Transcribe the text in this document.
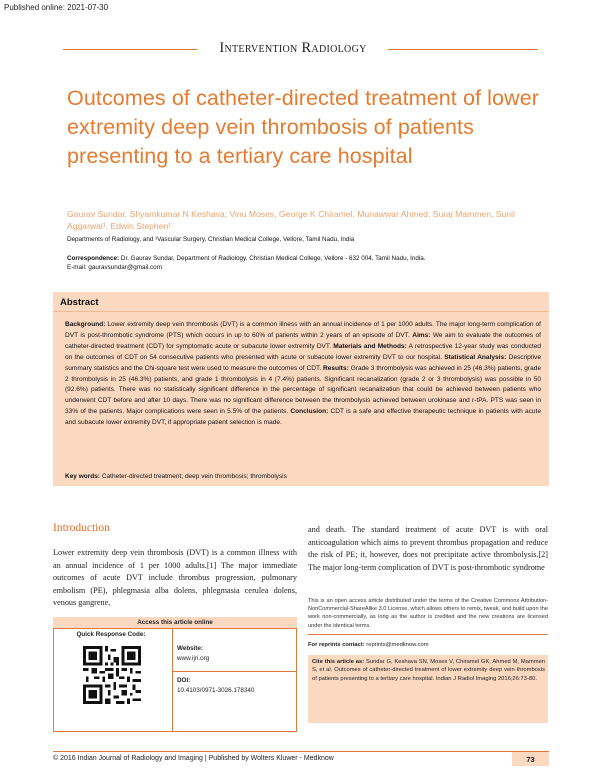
Published online: 2021-07-30
Intervention Radiology
Outcomes of catheter-directed treatment of lower extremity deep vein thrombosis of patients presenting to a tertiary care hospital
Gaurav Sundar, Shyamkumar N Keshava, Vinu Moses, George K Chiramel, Munawwar Ahmed, Suraj Mammen, Sunil Aggarwal¹, Edwin Stephen¹
Departments of Radiology, and ¹Vascular Surgery, Christian Medical College, Vellore, Tamil Nadu, India
Correspondence: Dr. Gaurav Sundar, Department of Radiology, Christian Medical College, Vellore - 632 004, Tamil Nadu, India.
E-mail: gauravsundar@gmail.com
Abstract
Background: Lower extremity deep vein thrombosis (DVT) is a common illness with an annual incidence of 1 per 1000 adults. The major long-term complication of DVT is post-thrombotic syndrome (PTS) which occurs in up to 60% of patients within 2 years of an episode of DVT. Aims: We aim to evaluate the outcomes of catheter-directed treatment (CDT) for symptomatic acute or subacute lower extremity DVT. Materials and Methods: A retrospective 12-year study was conducted on the outcomes of CDT on 54 consecutive patients who presented with acute or subacute lower extremity DVT to our hospital. Statistical Analysis: Descriptive summary statistics and the Chi-square test were used to measure the outcomes of CDT. Results: Grade 3 thrombolysis was achieved in 25 (46.3%) patients, grade 2 thrombolysis in 25 (46.3%) patients, and grade 1 thrombolysis in 4 (7.4%) patients. Significant recanalization (grade 2 or 3 thrombolysis) was possible in 50 (92.6%) patients. There was no statistically significant difference in the percentage of significant recanalization that could be achieved between patients who underwent CDT before and after 10 days. There was no significant difference between the thrombolysis achieved between urokinase and r-tPA. PTS was seen in 33% of the patients. Major complications were seen in 5.5% of the patients. Conclusion: CDT is a safe and effective therapeutic technique in patients with acute and subacute lower extremity DVT, if appropriate patient selection is made.
Key words: Catheter-directed treatment; deep vein thrombosis; thrombolysis
Introduction
Lower extremity deep vein thrombosis (DVT) is a common illness with an annual incidence of 1 per 1000 adults.[1] The major immediate outcomes of acute DVT include thrombus progression, pulmonary embolism (PE), phlegmasia alba dolens, phlegmasia cerulea dolens, venous gangrene,
and death. The standard treatment of acute DVT is with oral anticoagulation which aims to prevent thrombus propagation and reduce the risk of PE; it, however, does not precipitate active thrombolysis.[2] The major long-term complication of DVT is post-thrombotic syndrome
Access this article online
Quick Response Code:
Website:
www.ijri.org
DOI:
10.4103/0971-3026.178340
This is an open access article distributed under the terms of the Creative Commons Attribution-NonCommercial-ShareAlike 3.0 License, which allows others to remix, tweak, and build upon the work non-commercially, as long as the author is credited and the new creations are licensed under the identical terms.
For reprints contact: reprints@medknow.com
Cite this article as: Sundar G, Keshava SN, Moses V, Chiramel GK, Ahmed M, Mammen S, et al. Outcomes of catheter-directed treatment of lower extremity deep vein thrombosis of patients presenting to a tertiary care hospital. Indian J Radiol Imaging 2016;26:73-80.
© 2016 Indian Journal of Radiology and Imaging | Published by Wolters Kluwer - Medknow	73
